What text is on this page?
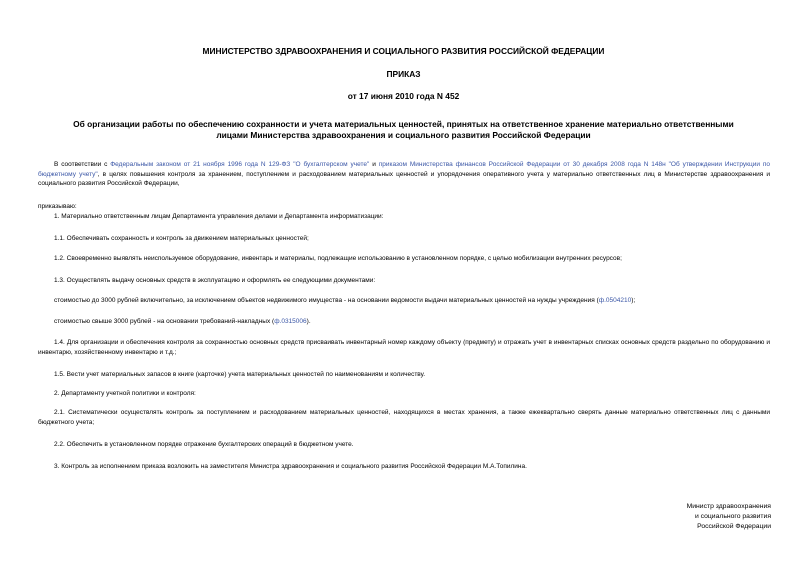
МИНИСТЕРСТВО ЗДРАВООХРАНЕНИЯ И СОЦИАЛЬНОГО РАЗВИТИЯ РОССИЙСКОЙ ФЕДЕРАЦИИ
ПРИКАЗ
от 17 июня 2010 года N 452
Об организации работы по обеспечению сохранности и учета материальных ценностей, принятых на ответственное хранение материально ответственными лицами Министерства здравоохранения и социального развития Российской Федерации
В соответствии с Федеральным законом от 21 ноября 1996 года N 129-ФЗ "О бухгалтерском учете" и приказом Министерства финансов Российской Федерации от 30 декабря 2008 года N 148н "Об утверждении Инструкции по бюджетному учету", в целях повышения контроля за хранением, поступлением и расходованием материальных ценностей и упорядочения оперативного учета у материально ответственных лиц в Министерстве здравоохранения и социального развития Российской Федерации,
приказываю:
1. Материально ответственным лицам Департамента управления делами и Департамента информатизации:
1.1. Обеспечивать сохранность и контроль за движением материальных ценностей;
1.2. Своевременно выявлять неиспользуемое оборудование, инвентарь и материалы, подлежащие использованию в установленном порядке, с целью мобилизации внутренних ресурсов;
1.3. Осуществлять выдачу основных средств в эксплуатацию и оформлять ее следующими документами:
стоимостью до 3000 рублей включительно, за исключением объектов недвижимого имущества - на основании ведомости выдачи материальных ценностей на нужды учреждения (ф.0504210);
стоимостью свыше 3000 рублей - на основании требований-накладных (ф.0315006).
1.4. Для организации и обеспечения контроля за сохранностью основных средств присваивать инвентарный номер каждому объекту (предмету) и отражать учет в инвентарных списках основных средств раздельно по оборудованию и инвентарю, хозяйственному инвентарю и т.д.;
1.5. Вести учет материальных запасов в книге (карточке) учета материальных ценностей по наименованиям и количеству.
2. Департаменту учетной политики и контроля:
2.1. Систематически осуществлять контроль за поступлением и расходованием материальных ценностей, находящихся в местах хранения, а также ежеквартально сверять данные материально ответственных лиц с данными бюджетного учета;
2.2. Обеспечить в установленном порядке отражение бухгалтерских операций в бюджетном учете.
3. Контроль за исполнением приказа возложить на заместителя Министра здравоохранения и социального развития Российской Федерации М.А.Топилина.
Министр здравоохранения
и социального развития
Российской Федерации
